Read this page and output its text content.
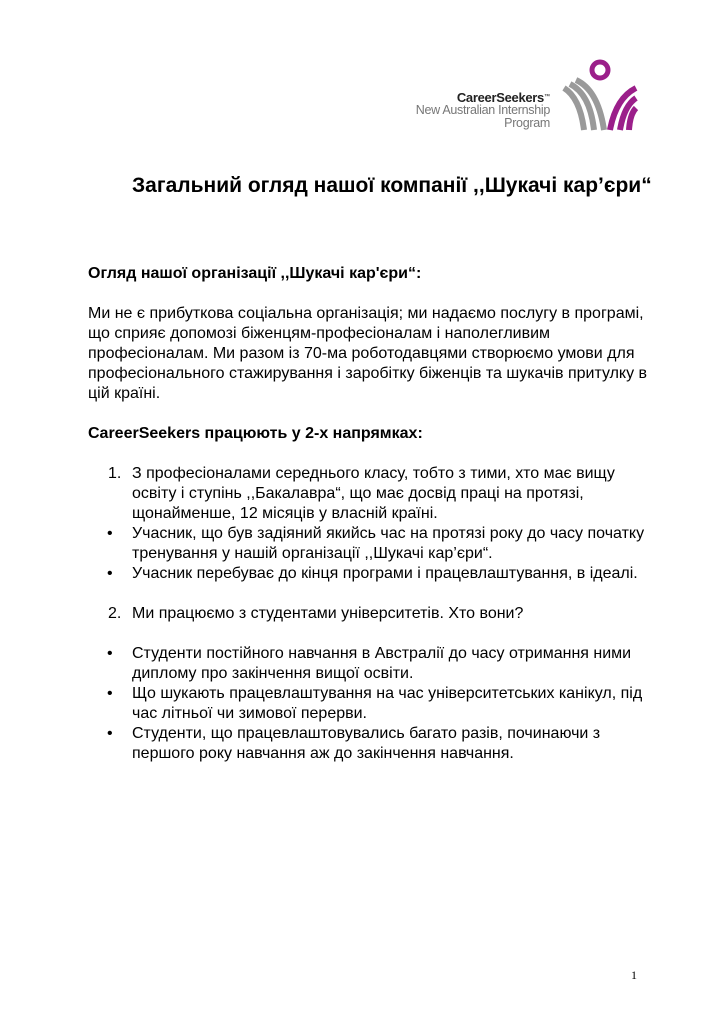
CareerSeekers™
New Australian Internship
Program
Загальний огляд нашої компанії ,,Шукачі кар’єри“

Огляд нашої організації ,,Шукачі кар'єри“:

Ми не є прибуткова соціальна організація; ми надаємо послугу в програмі, що сприяє допомозі біженцям-професіоналам і наполегливим професіоналам. Ми разом із 70-ма роботодавцями створюємо умови для професіонального стажирування і заробітку біженців та шукачів притулку в цій країні.

CareerSeekers працюють у 2-х напрямках:

1. З професіоналами середнього класу, тобто з тими, хто має вищу освіту і ступінь ,,Бакалавра“, що має досвід праці на протязі, щонайменше, 12 місяців у власній країні.
• Учасник, що був задіяний якийсь час на протязі року до часу початку тренування у нашій організації ,,Шукачі кар’єри“.
• Учасник перебуває до кінця програми і працевлаштування, в ідеалі.
2. Ми працюємо з студентами університетів. Хто вони?
• Студенти постійного навчання в Австралії до часу отримання ними диплому про закінчення вищої освіти.
• Що шукають працевлаштування на час університетських канікул, під час літньої чи зимової перерви.
• Студенти, що працевлаштовувались багато разів, починаючи з першого року навчання аж до закінчення навчання.
1
